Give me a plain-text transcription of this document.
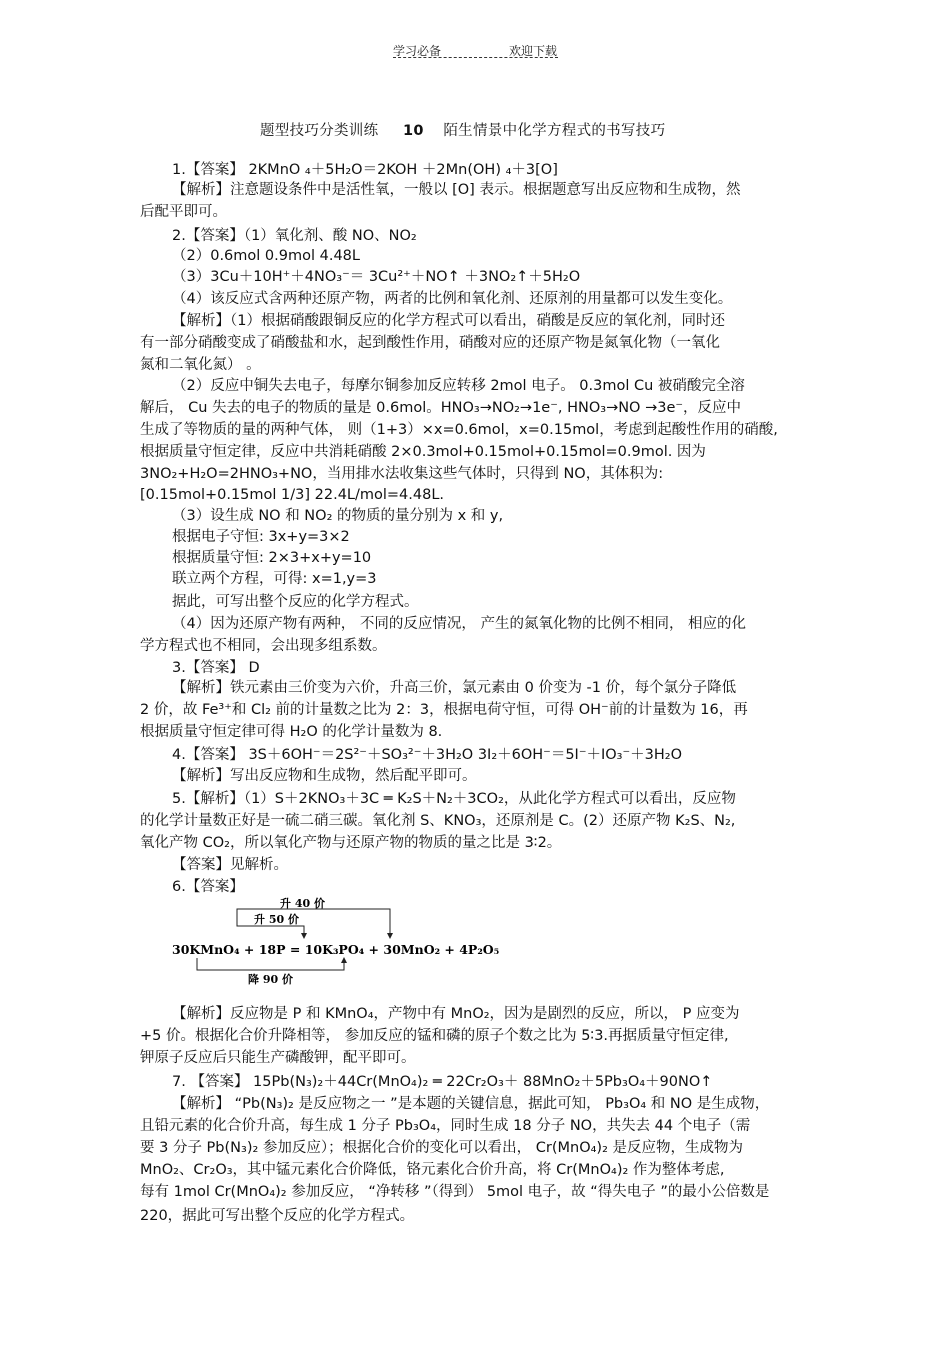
学习必备	欢迎下载
题型技巧分类训练 10 陌生情景中化学方程式的书写技巧
1.【答案】 2KMnO ₄＋5H₂O＝2KOH ＋2Mn(OH) ₄＋3[O]
【解析】注意题设条件中是活性氧，一般以 [O] 表示。根据题意写出反应物和生成物，然
后配平即可。
2.【答案】（1）氧化剂、酸 NO、NO₂
（2）0.6mol 0.9mol 4.48L
（3）3Cu＋10H⁺＋4NO₃⁻＝ 3Cu²⁺＋NO↑ ＋3NO₂↑＋5H₂O
（4）该反应式含两种还原产物，两者的比例和氧化剂、还原剂的用量都可以发生变化。
【解析】（1）根据硝酸跟铜反应的化学方程式可以看出，硝酸是反应的氧化剂，同时还
有一部分硝酸变成了硝酸盐和水，起到酸性作用，硝酸对应的还原产物是氮氧化物（一氧化
氮和二氧化氮） 。
（2）反应中铜失去电子，每摩尔铜参加反应转移 2mol 电子。 0.3mol Cu 被硝酸完全溶
解后， Cu 失去的电子的物质的量是 0.6mol。HNO₃→NO₂→1e⁻, HNO₃→NO →3e⁻，反应中
生成了等物质的量的两种气体， 则（1+3）×x=0.6mol，x=0.15mol，考虑到起酸性作用的硝酸,
根据质量守恒定律，反应中共消耗硝酸 2×0.3mol+0.15mol+0.15mol=0.9mol. 因为
3NO₂+H₂O=2HNO₃+NO，当用排水法收集这些气体时，只得到 NO，其体积为:
[0.15mol+0.15mol 1/3] 22.4L/mol=4.48L.
（3）设生成 NO 和 NO₂ 的物质的量分别为 x 和 y,
根据电子守恒: 3x+y=3×2
根据质量守恒: 2×3+x+y=10
联立两个方程，可得: x=1,y=3
据此，可写出整个反应的化学方程式。
（4）因为还原产物有两种， 不同的反应情况， 产生的氮氧化物的比例不相同， 相应的化
学方程式也不相同，会出现多组系数。
3.【答案】 D
【解析】铁元素由三价变为六价，升高三价，氯元素由 0 价变为 -1 价，每个氯分子降低
2 价，故 Fe³⁺和 Cl₂ 前的计量数之比为 2：3，根据电荷守恒，可得 OH⁻前的计量数为 16，再
根据质量守恒定律可得 H₂O 的化学计量数为 8.
4.【答案】 3S＋6OH⁻＝2S²⁻＋SO₃²⁻＋3H₂O 3I₂＋6OH⁻＝5I⁻＋IO₃⁻＋3H₂O
【解析】写出反应物和生成物，然后配平即可。
5.【解析】（1）S＋2KNO₃＋3C ═ K₂S＋N₂＋3CO₂，从此化学方程式可以看出，反应物
的化学计量数正好是一硫二硝三碳。氧化剂 S、KNO₃，还原剂是 C。(2）还原产物 K₂S、N₂,
氧化产物 CO₂，所以氧化产物与还原产物的物质的量之比是 3∶2。
【答案】见解析。
6.【答案】
升 40 价
升 50 价
30KMnO₄ + 18P = 10K₃PO₄ + 30MnO₂ + 4P₂O₅
降 90 价
【解析】反应物是 P 和 KMnO₄，产物中有 MnO₂，因为是剧烈的反应，所以， P 应变为
+5 价。根据化合价升降相等， 参加反应的锰和磷的原子个数之比为 5∶3.再据质量守恒定律,
钾原子反应后只能生产磷酸钾，配平即可。
7. 【答案】 15Pb(N₃)₂＋44Cr(MnO₄)₂ ═ 22Cr₂O₃＋ 88MnO₂＋5Pb₃O₄＋90NO↑
【解析】 “Pb(N₃)₂ 是反应物之一 ”是本题的关键信息，据此可知， Pb₃O₄ 和 NO 是生成物，
且铅元素的化合价升高，每生成 1 分子 Pb₃O₄，同时生成 18 分子 NO，共失去 44 个电子（需
要 3 分子 Pb(N₃)₂ 参加反应）；根据化合价的变化可以看出， Cr(MnO₄)₂ 是反应物，生成物为
MnO₂、Cr₂O₃，其中锰元素化合价降低，铬元素化合价升高，将 Cr(MnO₄)₂ 作为整体考虑,
每有 1mol Cr(MnO₄)₂ 参加反应， “净转移 ”（得到） 5mol 电子，故 “得失电子 ”的最小公倍数是
220，据此可写出整个反应的化学方程式。
